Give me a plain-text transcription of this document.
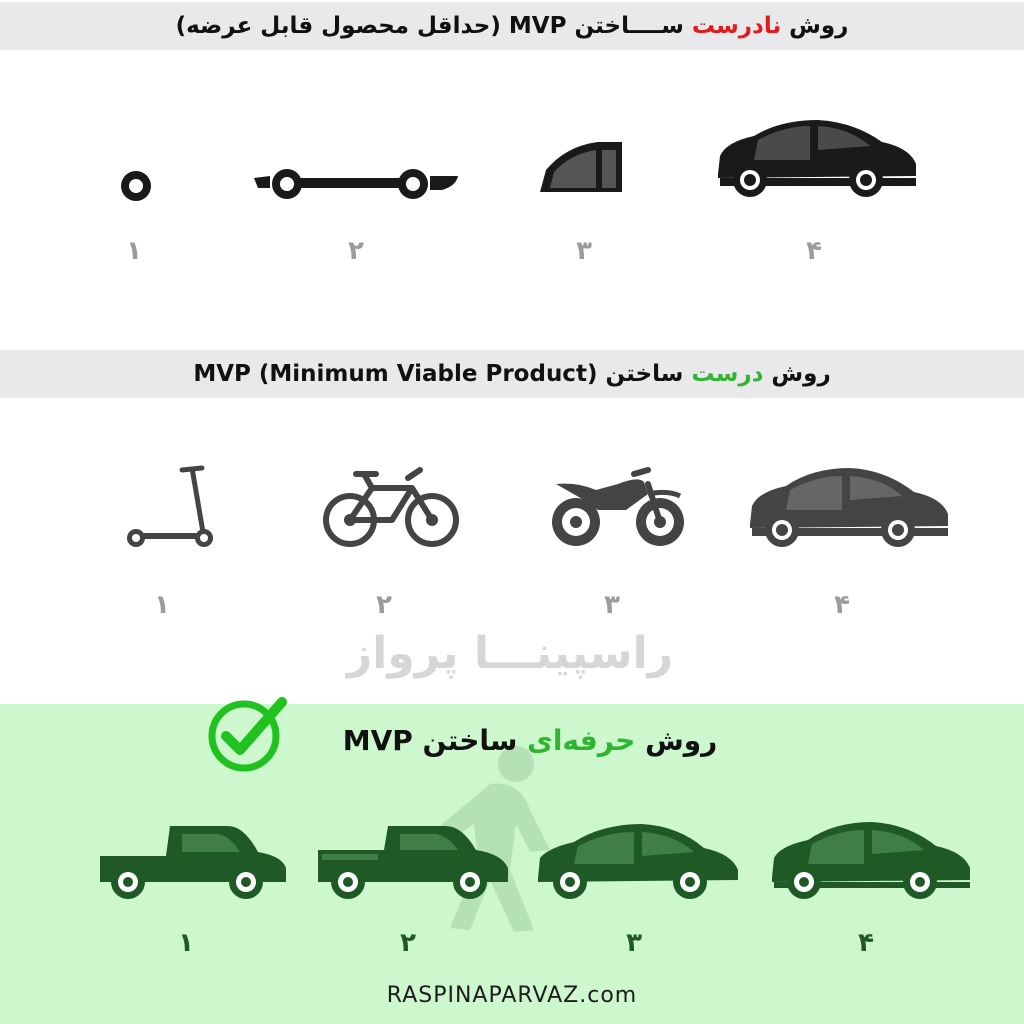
روش
نادرست
ســــاختن MVP (حداقل محصول قابل عرضه)
۱	۲	۳	۴
روش
درست
ساختن MVP (Minimum Viable Product)
۱	۲	۳	۴
راسپینـــا پرواز
روش
حرفه‌ای
ساختن MVP
۱	۲	۳	۴
RASPINAPARVAZ.com
